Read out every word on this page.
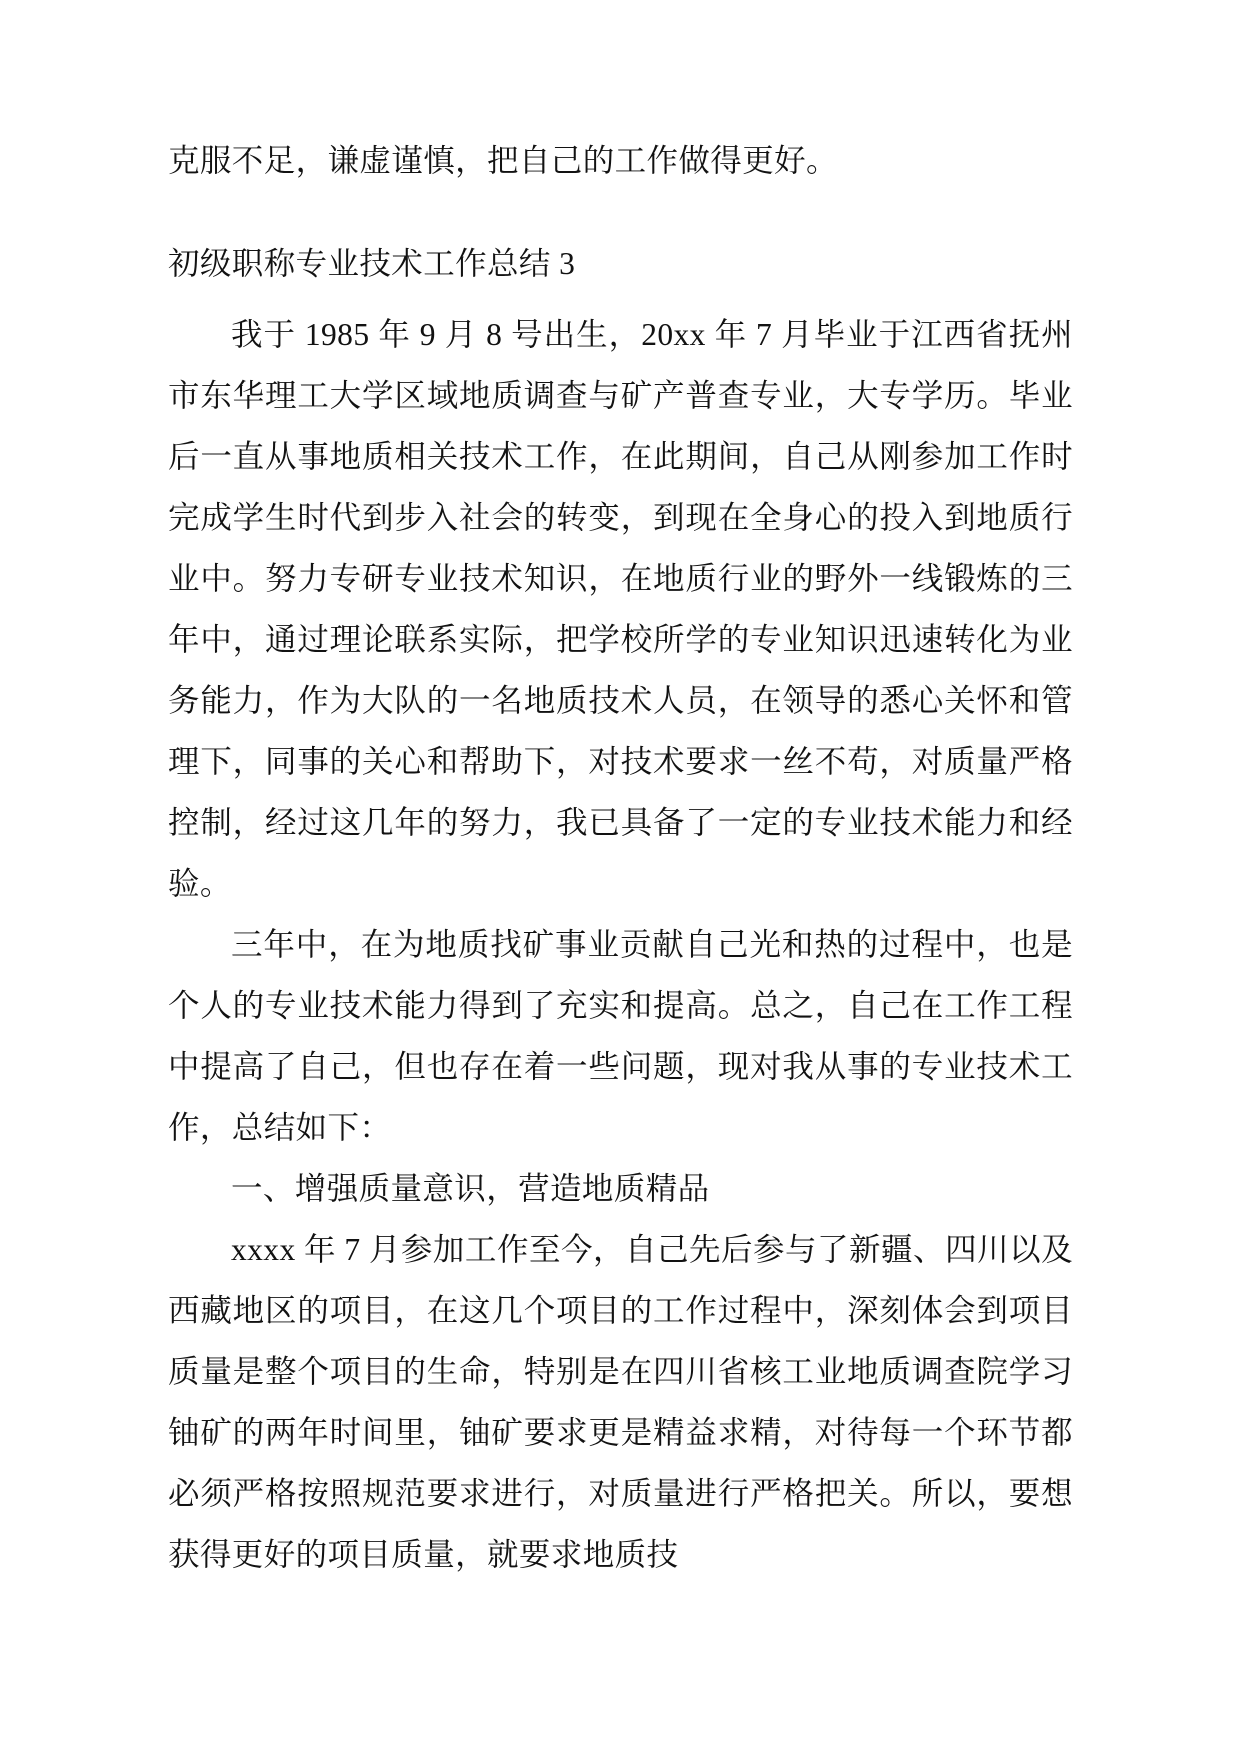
克服不足，谦虚谨慎，把自己的工作做得更好。

初级职称专业技术工作总结 3

我于 1985 年 9 月 8 号出生，20xx 年 7 月毕业于江西省抚州市东华理工大学区域地质调查与矿产普查专业，大专学历。毕业后一直从事地质相关技术工作，在此期间，自己从刚参加工作时完成学生时代到步入社会的转变，到现在全身心的投入到地质行业中。努力专研专业技术知识，在地质行业的野外一线锻炼的三年中，通过理论联系实际，把学校所学的专业知识迅速转化为业务能力，作为大队的一名地质技术人员，在领导的悉心关怀和管理下，同事的关心和帮助下，对技术要求一丝不苟，对质量严格控制，经过这几年的努力，我已具备了一定的专业技术能力和经验。

三年中，在为地质找矿事业贡献自己光和热的过程中，也是个人的专业技术能力得到了充实和提高。总之，自己在工作工程中提高了自己，但也存在着一些问题，现对我从事的专业技术工作，总结如下：

一、增强质量意识，营造地质精品

xxxx 年 7 月参加工作至今，自己先后参与了新疆、四川以及西藏地区的项目，在这几个项目的工作过程中，深刻体会到项目质量是整个项目的生命，特别是在四川省核工业地质调查院学习铀矿的两年时间里，铀矿要求更是精益求精，对待每一个环节都必须严格按照规范要求进行，对质量进行严格把关。所以，要想获得更好的项目质量，就要求地质技
